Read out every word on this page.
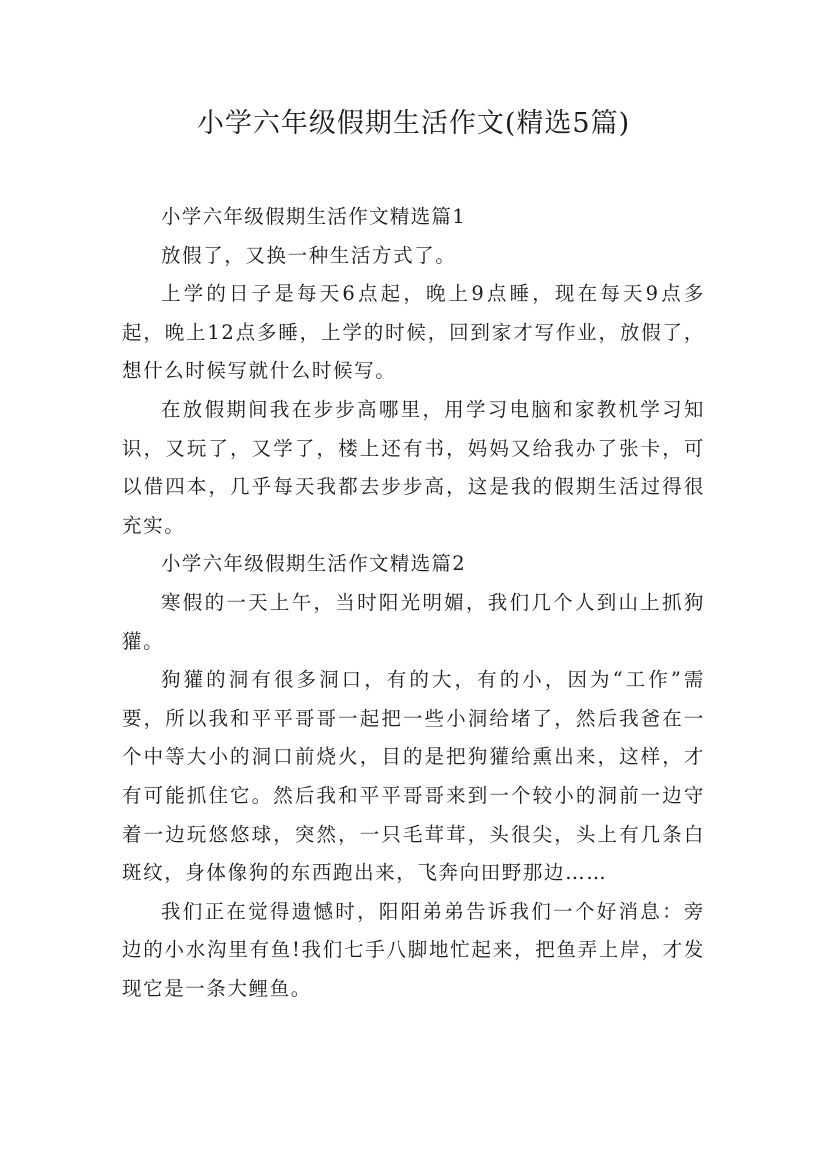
小学六年级假期生活作文(精选5篇)

小学六年级假期生活作文精选篇1

放假了，又换一种生活方式了。

上学的日子是每天6点起，晚上9点睡，现在每天9点多起，晚上12点多睡，上学的时候，回到家才写作业，放假了，想什么时候写就什么时候写。

在放假期间我在步步高哪里，用学习电脑和家教机学习知识，又玩了，又学了，楼上还有书，妈妈又给我办了张卡，可以借四本，几乎每天我都去步步高，这是我的假期生活过得很充实。

小学六年级假期生活作文精选篇2

寒假的一天上午，当时阳光明媚，我们几个人到山上抓狗獾。

狗獾的洞有很多洞口，有的大，有的小，因为“工作”需要，所以我和平平哥哥一起把一些小洞给堵了，然后我爸在一个中等大小的洞口前烧火，目的是把狗獾给熏出来，这样，才有可能抓住它。然后我和平平哥哥来到一个较小的洞前一边守着一边玩悠悠球，突然，一只毛茸茸，头很尖，头上有几条白斑纹，身体像狗的东西跑出来，飞奔向田野那边……

我们正在觉得遗憾时，阳阳弟弟告诉我们一个好消息：旁边的小水沟里有鱼!我们七手八脚地忙起来，把鱼弄上岸，才发现它是一条大鲤鱼。
